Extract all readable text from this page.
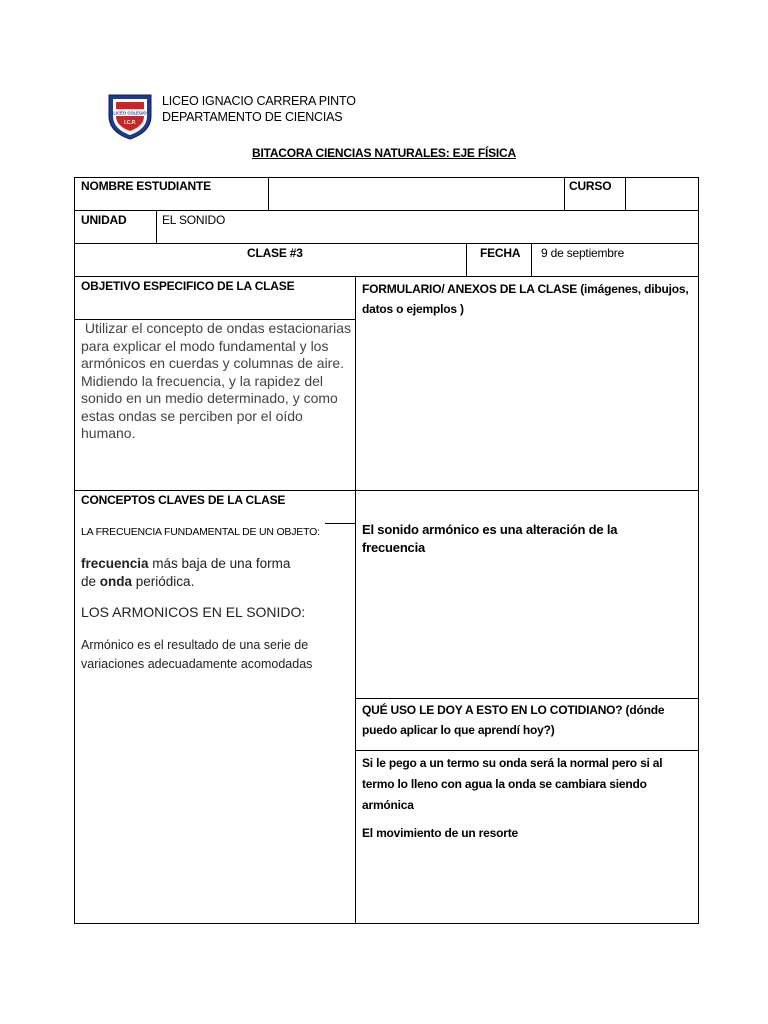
LICEO COLEGIO
I.C.P.
LICEO IGNACIO CARRERA PINTO
DEPARTAMENTO DE CIENCIAS
BITACORA CIENCIAS NATURALES: EJE FÍSICA
NOMBRE ESTUDIANTE	CURSO
UNIDAD	EL SONIDO
CLASE #3	FECHA 9 de septiembre
OBJETIVO ESPECIFICO DE LA CLASE
Utilizar el concepto de ondas estacionarias para explicar el modo fundamental y los armónicos en cuerdas y columnas de aire. Midiendo la frecuencia, y la rapidez del sonido en un medio determinado, y como estas ondas se perciben por el oído humano.
FORMULARIO/ ANEXOS DE LA CLASE (imágenes, dibujos, datos o ejemplos )
CONCEPTOS CLAVES DE LA CLASE
LA FRECUENCIA FUNDAMENTAL DE UN OBJETO:
frecuencia más baja de una forma
de onda periódica.
LOS ARMONICOS EN EL SONIDO:
Armónico es el resultado de una serie de variaciones adecuadamente acomodadas
El sonido armónico es una alteración de la frecuencia
QUÉ USO LE DOY A ESTO EN LO COTIDIANO? (dónde puedo aplicar lo que aprendí hoy?)
Si le pego a un termo su onda será la normal pero si al termo lo lleno con agua la onda se cambiara siendo armónica
El movimiento de un resorte
